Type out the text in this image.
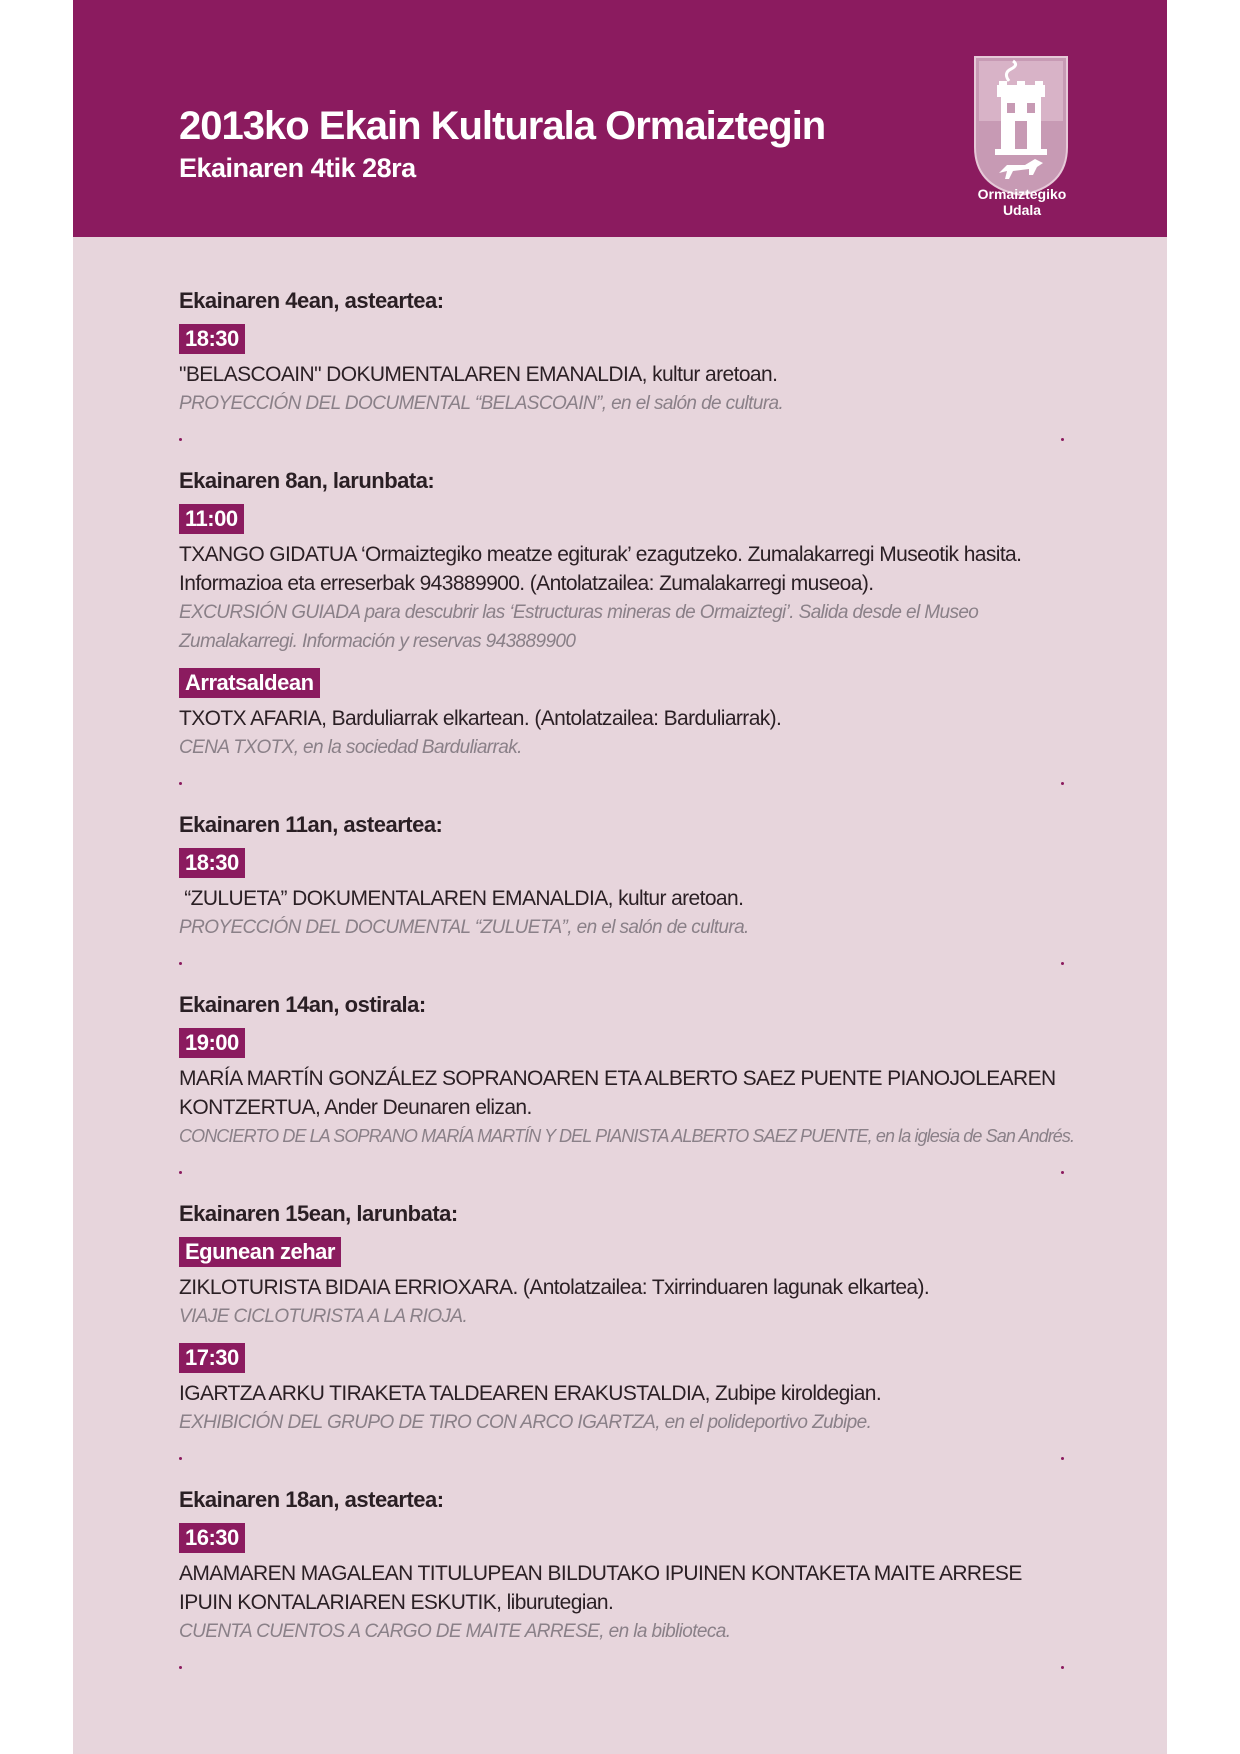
2013ko Ekain Kulturala Ormaiztegin
Ekainaren 4tik 28ra
Ormaiztegiko
Udala
Ekainaren 4ean, asteartea:
18:30

"BELASCOAIN" DOKUMENTALAREN EMANALDIA, kultur aretoan.

PROYECCIÓN DEL DOCUMENTAL “BELASCOAIN”, en el salón de cultura.

Ekainaren 8an, larunbata:
11:00

TXANGO GIDATUA ‘Ormaiztegiko meatze egiturak’ ezagutzeko. Zumalakarregi Museotik hasita. Informazioa eta erreserbak 943889900. (Antolatzailea: Zumalakarregi museoa).

EXCURSIÓN GUIADA para descubrir las ‘Estructuras mineras de Ormaiztegi’. Salida desde el Museo Zumalakarregi. Información y reservas 943889900

Arratsaldean

TXOTX AFARIA, Barduliarrak elkartean. (Antolatzailea: Barduliarrak).

CENA TXOTX, en la sociedad Barduliarrak.

Ekainaren 11an, asteartea:
18:30

“ZULUETA” DOKUMENTALAREN EMANALDIA, kultur aretoan.

PROYECCIÓN DEL DOCUMENTAL “ZULUETA”, en el salón de cultura.

Ekainaren 14an, ostirala:
19:00

MARÍA MARTÍN GONZÁLEZ SOPRANOAREN ETA ALBERTO SAEZ PUENTE PIANOJOLEAREN KONTZERTUA, Ander Deunaren elizan.

CONCIERTO DE LA SOPRANO MARÍA MARTÍN Y DEL PIANISTA ALBERTO SAEZ PUENTE, en la iglesia de San Andrés.

Ekainaren 15ean, larunbata:
Egunean zehar

ZIKLOTURISTA BIDAIA ERRIOXARA. (Antolatzailea: Txirrinduaren lagunak elkartea).

VIAJE CICLOTURISTA A LA RIOJA.

17:30

IGARTZA ARKU TIRAKETA TALDEAREN ERAKUSTALDIA, Zubipe kiroldegian.

EXHIBICIÓN DEL GRUPO DE TIRO CON ARCO IGARTZA, en el polideportivo Zubipe.

Ekainaren 18an, asteartea:
16:30

AMAMAREN MAGALEAN TITULUPEAN BILDUTAKO IPUINEN KONTAKETA MAITE ARRESE IPUIN KONTALARIAREN ESKUTIK, liburutegian.

CUENTA CUENTOS A CARGO DE MAITE ARRESE, en la biblioteca.
